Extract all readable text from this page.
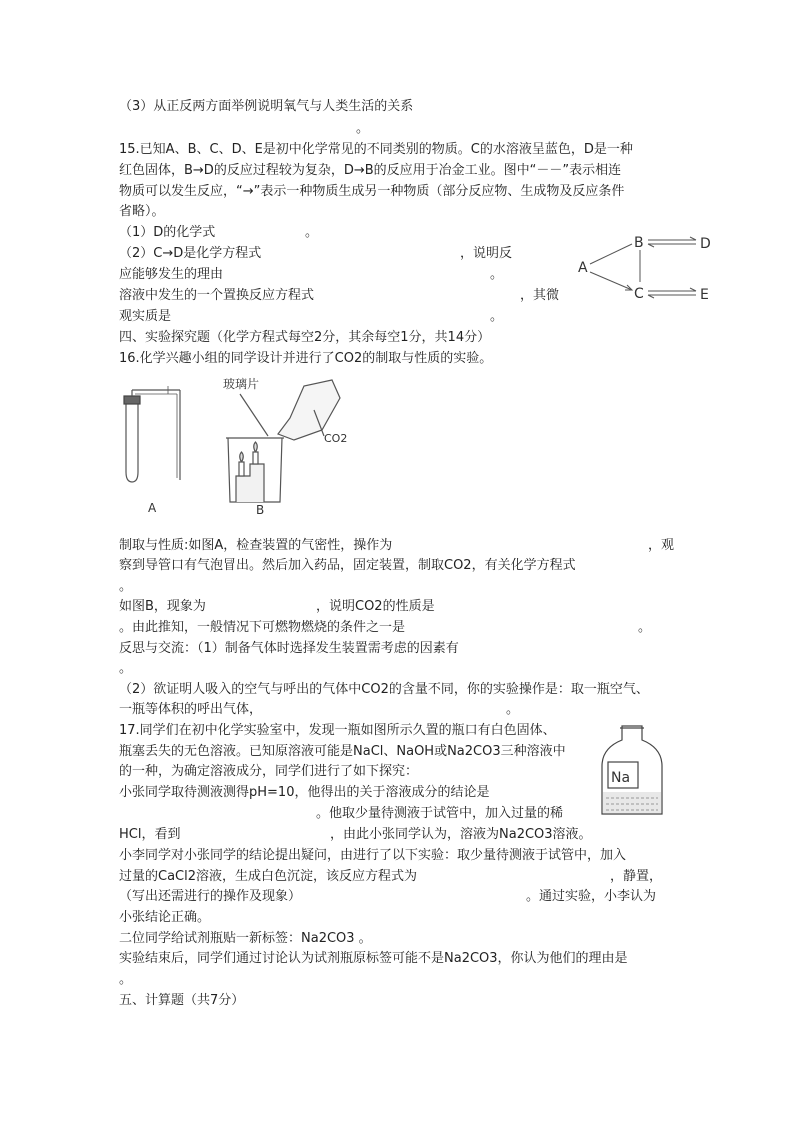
（3）从正反两方面举例说明氧气与人类生活的关系
。
15.已知A、B、C、D、E是初中化学常见的不同类别的物质。C的水溶液呈蓝色，D是一种
红色固体，B→D的反应过程较为复杂，D→B的反应用于冶金工业。图中“－－”表示相连
物质可以发生反应，“→”表示一种物质生成另一种物质（部分反应物、生成物及反应条件
省略）。
（1）D的化学式	。
（2）C→D是化学方程式	，说明反
应能够发生的理由	。
溶液中发生的一个置换反应方程式	，其微
观实质是	。
B	D
A
C	E
四、实验探究题（化学方程式每空2分，其余每空1分，共14分）
16.化学兴趣小组的同学设计并进行了CO2的制取与性质的实验。
A
玻璃片
CO2
B
制取与性质:如图A，检查装置的气密性，操作为	，观
察到导管口有气泡冒出。然后加入药品，固定装置，制取CO2，有关化学方程式
。
如图B，现象为	，说明CO2的性质是
。由此推知，一般情况下可燃物燃烧的条件之一是	。
反思与交流：（1）制备气体时选择发生装置需考虑的因素有
。
（2）欲证明人吸入的空气与呼出的气体中CO2的含量不同，你的实验操作是：取一瓶空气、
一瓶等体积的呼出气体，	。
17.同学们在初中化学实验室中，发现一瓶如图所示久置的瓶口有白色固体、
瓶塞丢失的无色溶液。已知原溶液可能是NaCl、NaOH或Na2CO3三种溶液中
的一种，为确定溶液成分，同学们进行了如下探究：
小张同学取待测液测得pH=10，他得出的关于溶液成分的结论是
。他取少量待测液于试管中，加入过量的稀
HCl，看到	，由此小张同学认为，溶液为Na2CO3溶液。
小李同学对小张同学的结论提出疑问，由进行了以下实验：取少量待测液于试管中，加入
过量的CaCl2溶液，生成白色沉淀，该反应方程式为	，静置，
（写出还需进行的操作及现象）	。通过实验，小李认为
小张结论正确。
二位同学给试剂瓶贴一新标签：Na2CO3 。
实验结束后，同学们通过讨论认为试剂瓶原标签可能不是Na2CO3，你认为他们的理由是
。
Na
五、计算题（共7分）
